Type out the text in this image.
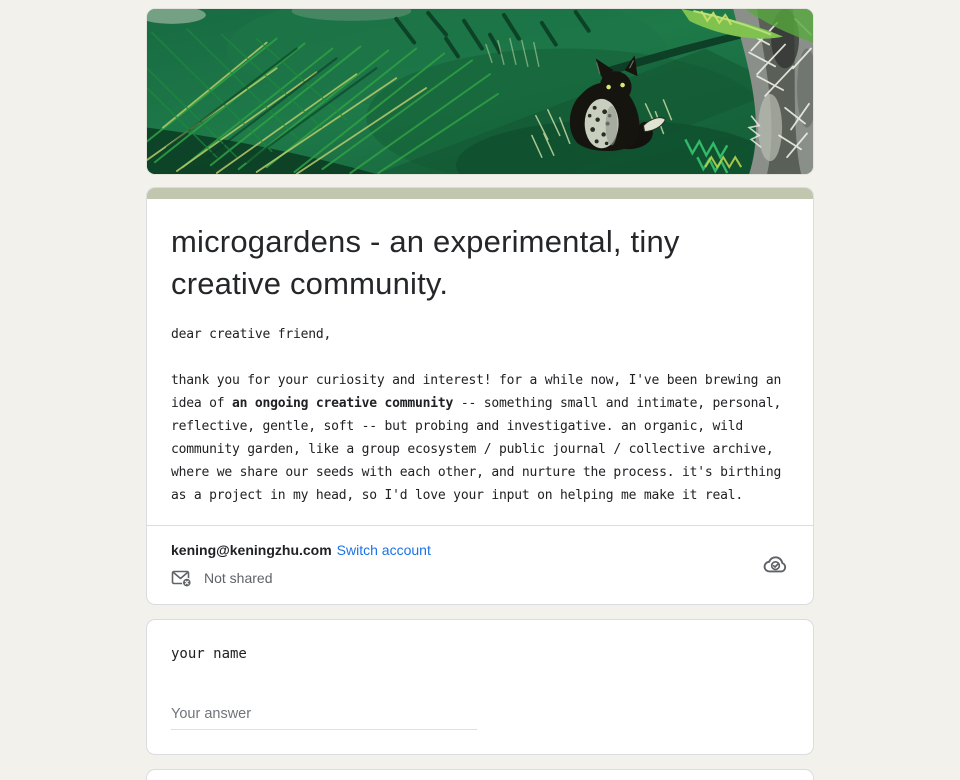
microgardens - an experimental, tiny creative community.
dear creative friend,
thank you for your curiosity and interest! for a while now, I've been brewing an idea of an ongoing creative community -- something small and intimate, personal, reflective, gentle, soft -- but probing and investigative. an organic, wild community garden, like a group ecosystem / public journal / collective archive, where we share our seeds with each other, and nurture the process. it's birthing as a project in my head, so I'd love your input on helping me make it real.
kening@keningzhu.com Switch account
Not shared
your name
Your answer
